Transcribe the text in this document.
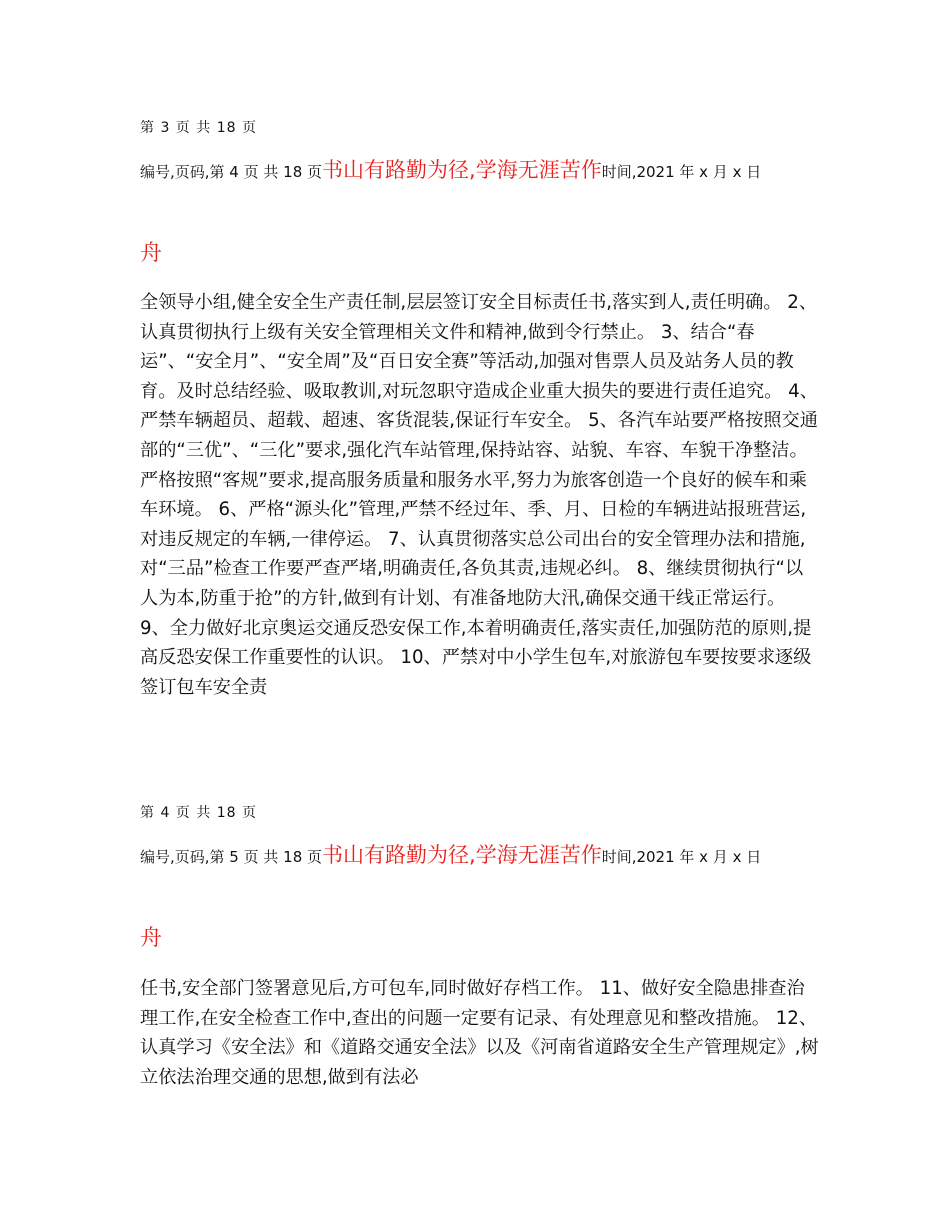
第 3 页 共 18 页
编号,页码,第 4 页 共 18 页书山有路勤为径,学海无涯苦作时间,2021 年 x 月 x 日
舟
全领导小组,健全安全生产责任制,层层签订安全目标责任书,落实到人,责任明确。 2、认真贯彻执行上级有关安全管理相关文件和精神,做到令行禁止。 3、结合“春运”、“安全月”、“安全周”及“百日安全赛”等活动,加强对售票人员及站务人员的教育。及时总结经验、吸取教训,对玩忽职守造成企业重大损失的要进行责任追究。 4、严禁车辆超员、超载、超速、客货混装,保证行车安全。 5、各汽车站要严格按照交通部的“三优”、“三化”要求,强化汽车站管理,保持站容、站貌、车容、车貌干净整洁。严格按照“客规”要求,提高服务质量和服务水平,努力为旅客创造一个良好的候车和乘车环境。 6、严格“源头化”管理,严禁不经过年、季、月、日检的车辆进站报班营运,对违反规定的车辆,一律停运。 7、认真贯彻落实总公司出台的安全管理办法和措施,对“三品”检查工作要严查严堵,明确责任,各负其责,违规必纠。 8、继续贯彻执行“以人为本,防重于抢”的方针,做到有计划、有准备地防大汛,确保交通干线正常运行。 9、全力做好北京奥运交通反恐安保工作,本着明确责任,落实责任,加强防范的原则,提高反恐安保工作重要性的认识。 10、严禁对中小学生包车,对旅游包车要按要求逐级签订包车安全责
第 4 页 共 18 页
编号,页码,第 5 页 共 18 页书山有路勤为径,学海无涯苦作时间,2021 年 x 月 x 日
舟
任书,安全部门签署意见后,方可包车,同时做好存档工作。 11、做好安全隐患排查治理工作,在安全检查工作中,查出的问题一定要有记录、有处理意见和整改措施。 12、认真学习《安全法》和《道路交通安全法》以及《河南省道路安全生产管理规定》,树立依法治理交通的思想,做到有法必
